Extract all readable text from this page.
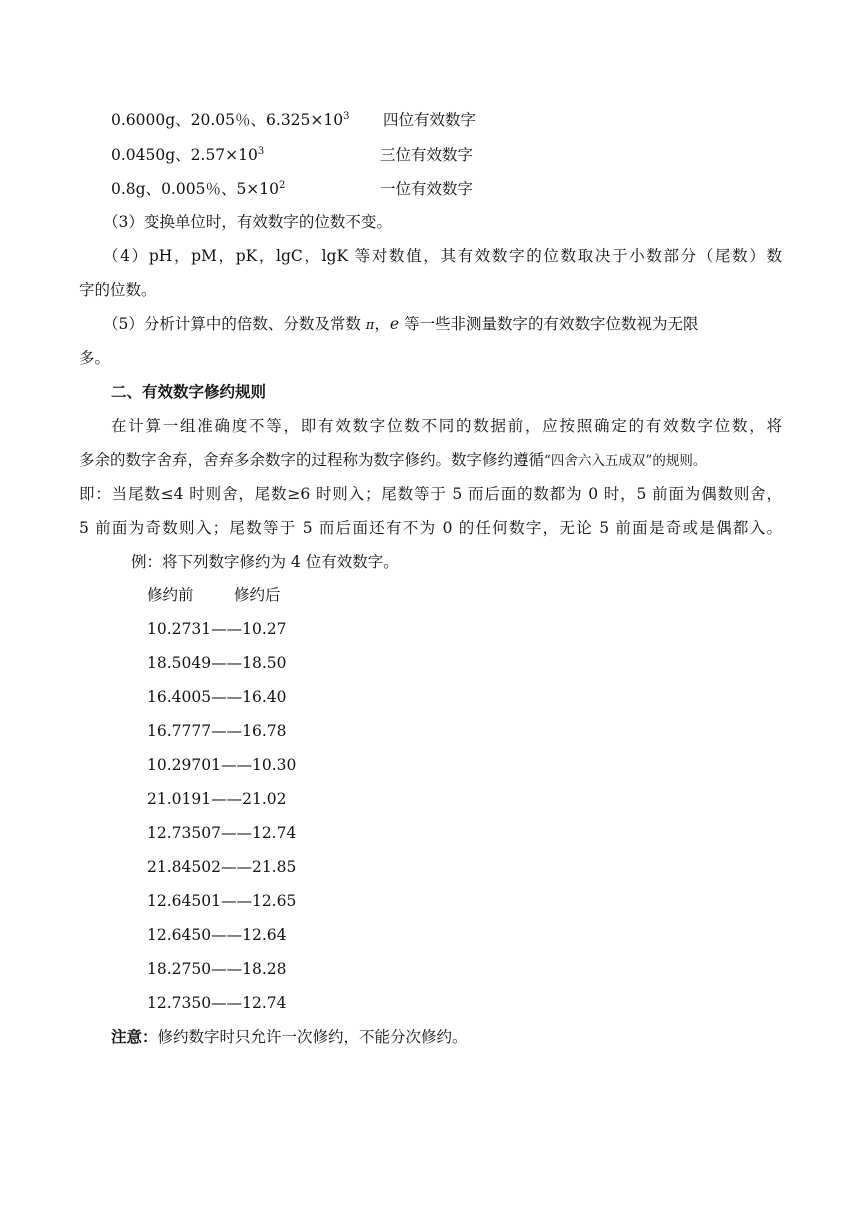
0.6000g、20.05％、$6.325\times 10^3$ 四位有效数字
0.0450g、$2.57\times 10^3$	三位有效数字
0.8g、0.005％、$5\times 10^2$	一位有效数字
（3）变换单位时，有效数字的位数不变。
（4）pH，pM，pK，lgC，lgK 等对数值，其有效数字的位数取决于小数部分（尾数）数
字的位数。
（5）分析计算中的倍数、分数及常数 π，e 等一些非测量数字的有效数字位数视为无限
多。
二、有效数字修约规则
在计算一组准确度不等，即有效数字位数不同的数据前，应按照确定的有效数字位数，将
多余的数字舍弃，舍弃多余数字的过程称为数字修约。数字修约遵循“四舍六入五成双”的规则。
即：当尾数≤4 时则舍，尾数≥6 时则入；尾数等于 5 而后面的数都为 0 时，5 前面为偶数则舍，
5 前面为奇数则入；尾数等于 5 而后面还有不为 0 的任何数字，无论 5 前面是奇或是偶都入。
例：将下列数字修约为 4 位有效数字。
修约前	修约后
10.2731——10.27
18.5049——18.50
16.4005——16.40
16.7777——16.78
10.29701——10.30
21.0191——21.02
12.73507——12.74
21.84502——21.85
12.64501——12.65
12.6450——12.64
18.2750——18.28
12.7350——12.74
注意：修约数字时只允许一次修约，不能分次修约。
